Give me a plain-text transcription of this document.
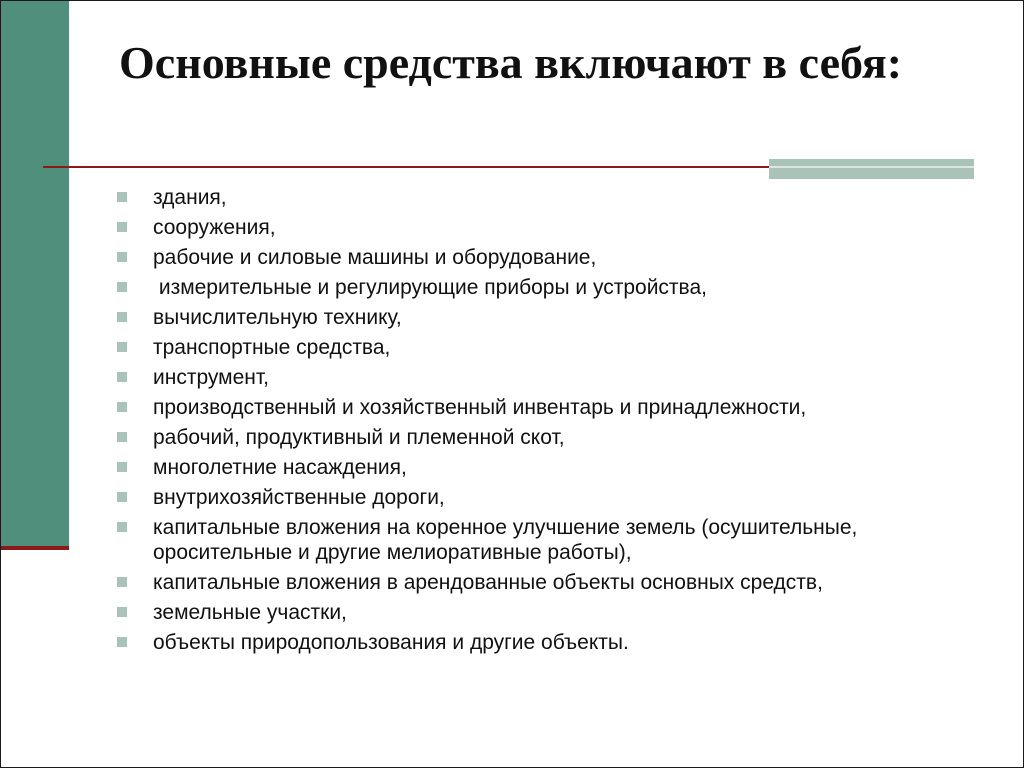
Основные средства включают в себя:
здания,
сооружения,
рабочие и силовые машины и оборудование,
измерительные и регулирующие приборы и устройства,
вычислительную технику,
транспортные средства,
инструмент,
производственный и хозяйственный инвентарь и принадлежности,
рабочий, продуктивный и племенной скот,
многолетние насаждения,
внутрихозяйственные дороги,
капитальные вложения на коренное улучшение земель (осушительные, оросительные и другие мелиоративные работы),
капитальные вложения в арендованные объекты основных средств,
земельные участки,
объекты природопользования и другие объекты.
